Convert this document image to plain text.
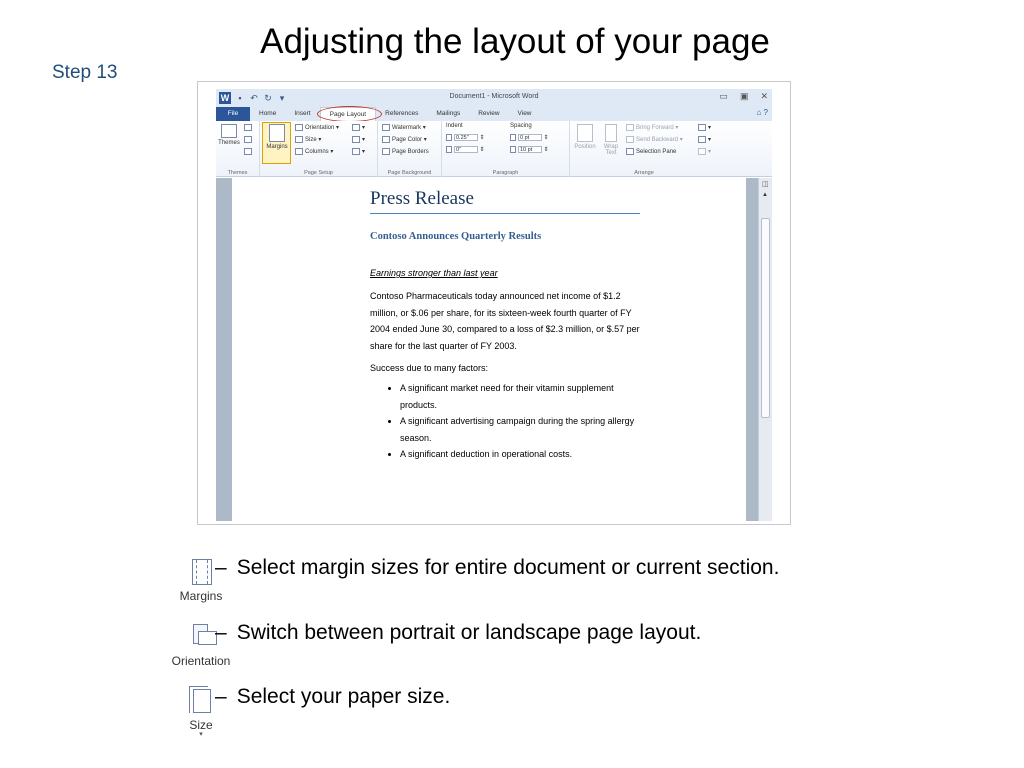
Adjusting the layout of your page
Step 13
W	▪ ↶ ↻ ▾	Document1 - Microsoft Word	▭ ▣ ✕
File	Home	Insert	Page Layout	References	Mailings	Review	View	⌂ ?
Themes
Themes
Margins
Orientation ▾
Size ▾
Columns ▾
▾
▾
▾
Page Setup
Watermark ▾
Page Color ▾
Page Borders
Page Background
Indent	Spacing
0.25" ⇕
0"	⇕
0 pt ⇕
10 pt ⇕
Paragraph
Position	Wrap Text
Bring Forward ▾
Send Backward ▾
Selection Pane
▾
▾
▾
Arrange
Press Release
Contoso Announces Quarterly Results
Earnings stronger than last year
Contoso Pharmaceuticals today announced net income of $1.2 million, or $.06 per share, for its sixteen-week fourth quarter of FY 2004 ended June 30, compared to a loss of $2.3 million, or $.57 per share for the last quarter of FY 2003.
Success due to many factors:
• A significant market need for their vitamin supplement products.
• A significant advertising campaign during the spring allergy season.
• A significant deduction in operational costs.
◫
▲
Margins
– Select margin sizes for entire document or current section.
Orientation
– Switch between portrait or landscape page layout.
Size
▾
– Select your paper size.
